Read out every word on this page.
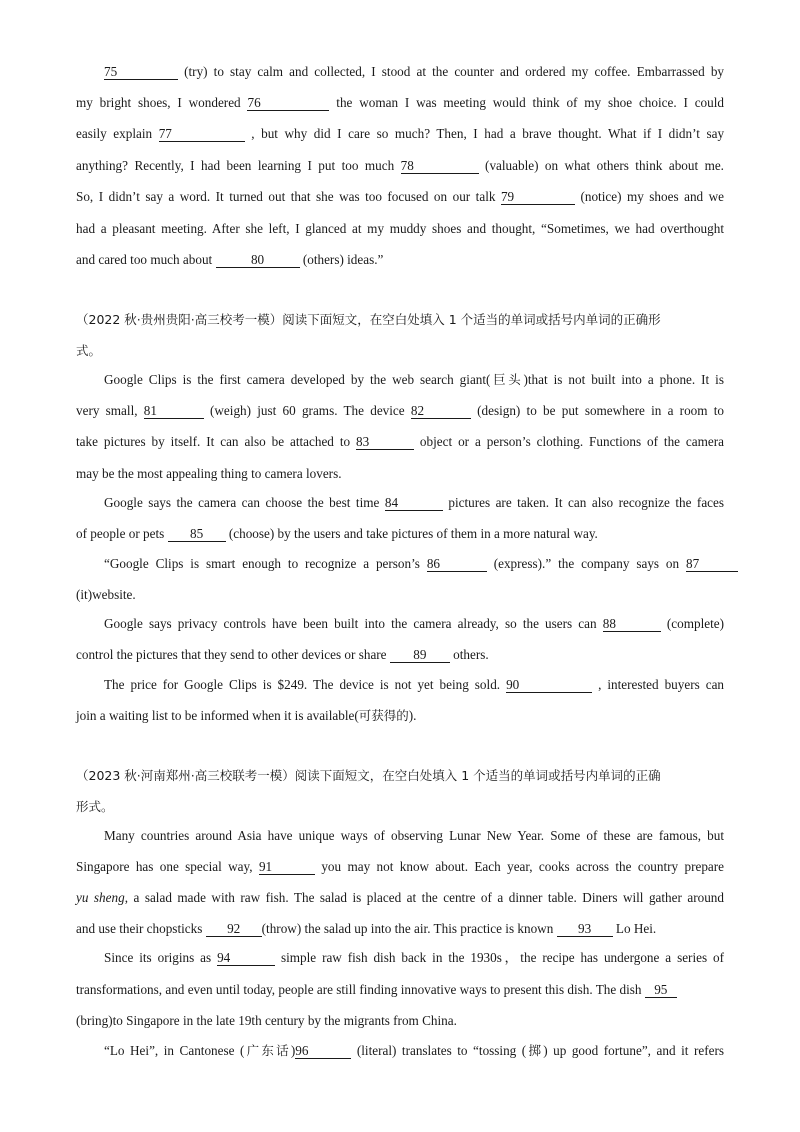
75	(try) to stay calm and collected, I stood at the counter and ordered my coffee. Embarrassed by
my bright shoes, I wondered 76	the woman I was meeting would think of my shoe choice. I could
easily explain 77	, but why did I care so much? Then, I had a brave thought. What if I didn’t say
anything? Recently, I had been learning I put too much 78	(valuable) on what others think about me.
So, I didn’t say a word. It turned out that she was too focused on our talk 79	(notice) my shoes and we
had a pleasant meeting. After she left, I glanced at my muddy shoes and thought, “Sometimes, we had overthought
and cared too much about	80	(others) ideas.”
（2022 秋·贵州贵阳·高三校考一模）阅读下面短文，在空白处填入 1 个适当的单词或括号内单词的正确形
式。
Google Clips is the first camera developed by the web search giant(巨头)that is not built into a phone. It is
very small, 81	(weigh) just 60 grams. The device 82	(design) to be put somewhere in a room to
take pictures by itself. It can also be attached to 83	object or a person’s clothing. Functions of the camera
may be the most appealing thing to camera lovers.
Google says the camera can choose the best time 84	pictures are taken. It can also recognize the faces
of people or pets 85 (choose) by the users and take pictures of them in a more natural way.
“Google Clips is smart enough to recognize a person’s 86	(express).” the company says on 87
(it)website.
Google says privacy controls have been built into the camera already, so the users can 88	(complete)
control the pictures that they send to other devices or share 89 others.
The price for Google Clips is $249. The device is not yet being sold. 90	, interested buyers can
join a waiting list to be informed when it is available(可获得的).
（2023 秋·河南郑州·高三校联考一模）阅读下面短文，在空白处填入 1 个适当的单词或括号内单词的正确
形式。
Many countries around Asia have unique ways of observing Lunar New Year. Some of these are famous, but
Singapore has one special way, 91	you may not know about. Each year, cooks across the country prepare
yu sheng, a salad made with raw fish. The salad is placed at the centre of a dinner table. Diners will gather around
and use their chopsticks 92 (throw) the salad up into the air. This practice is known 93 Lo Hei.
Since its origins as 94	simple raw fish dish back in the 1930s，the recipe has undergone a series of
transformations, and even until today, people are still finding innovative ways to present this dish. The dish 95
(bring)to Singapore in the late 19th century by the migrants from China.
“Lo Hei”, in Cantonese (广东话)96	(literal) translates to “tossing (掷) up good fortune”, and it refers
